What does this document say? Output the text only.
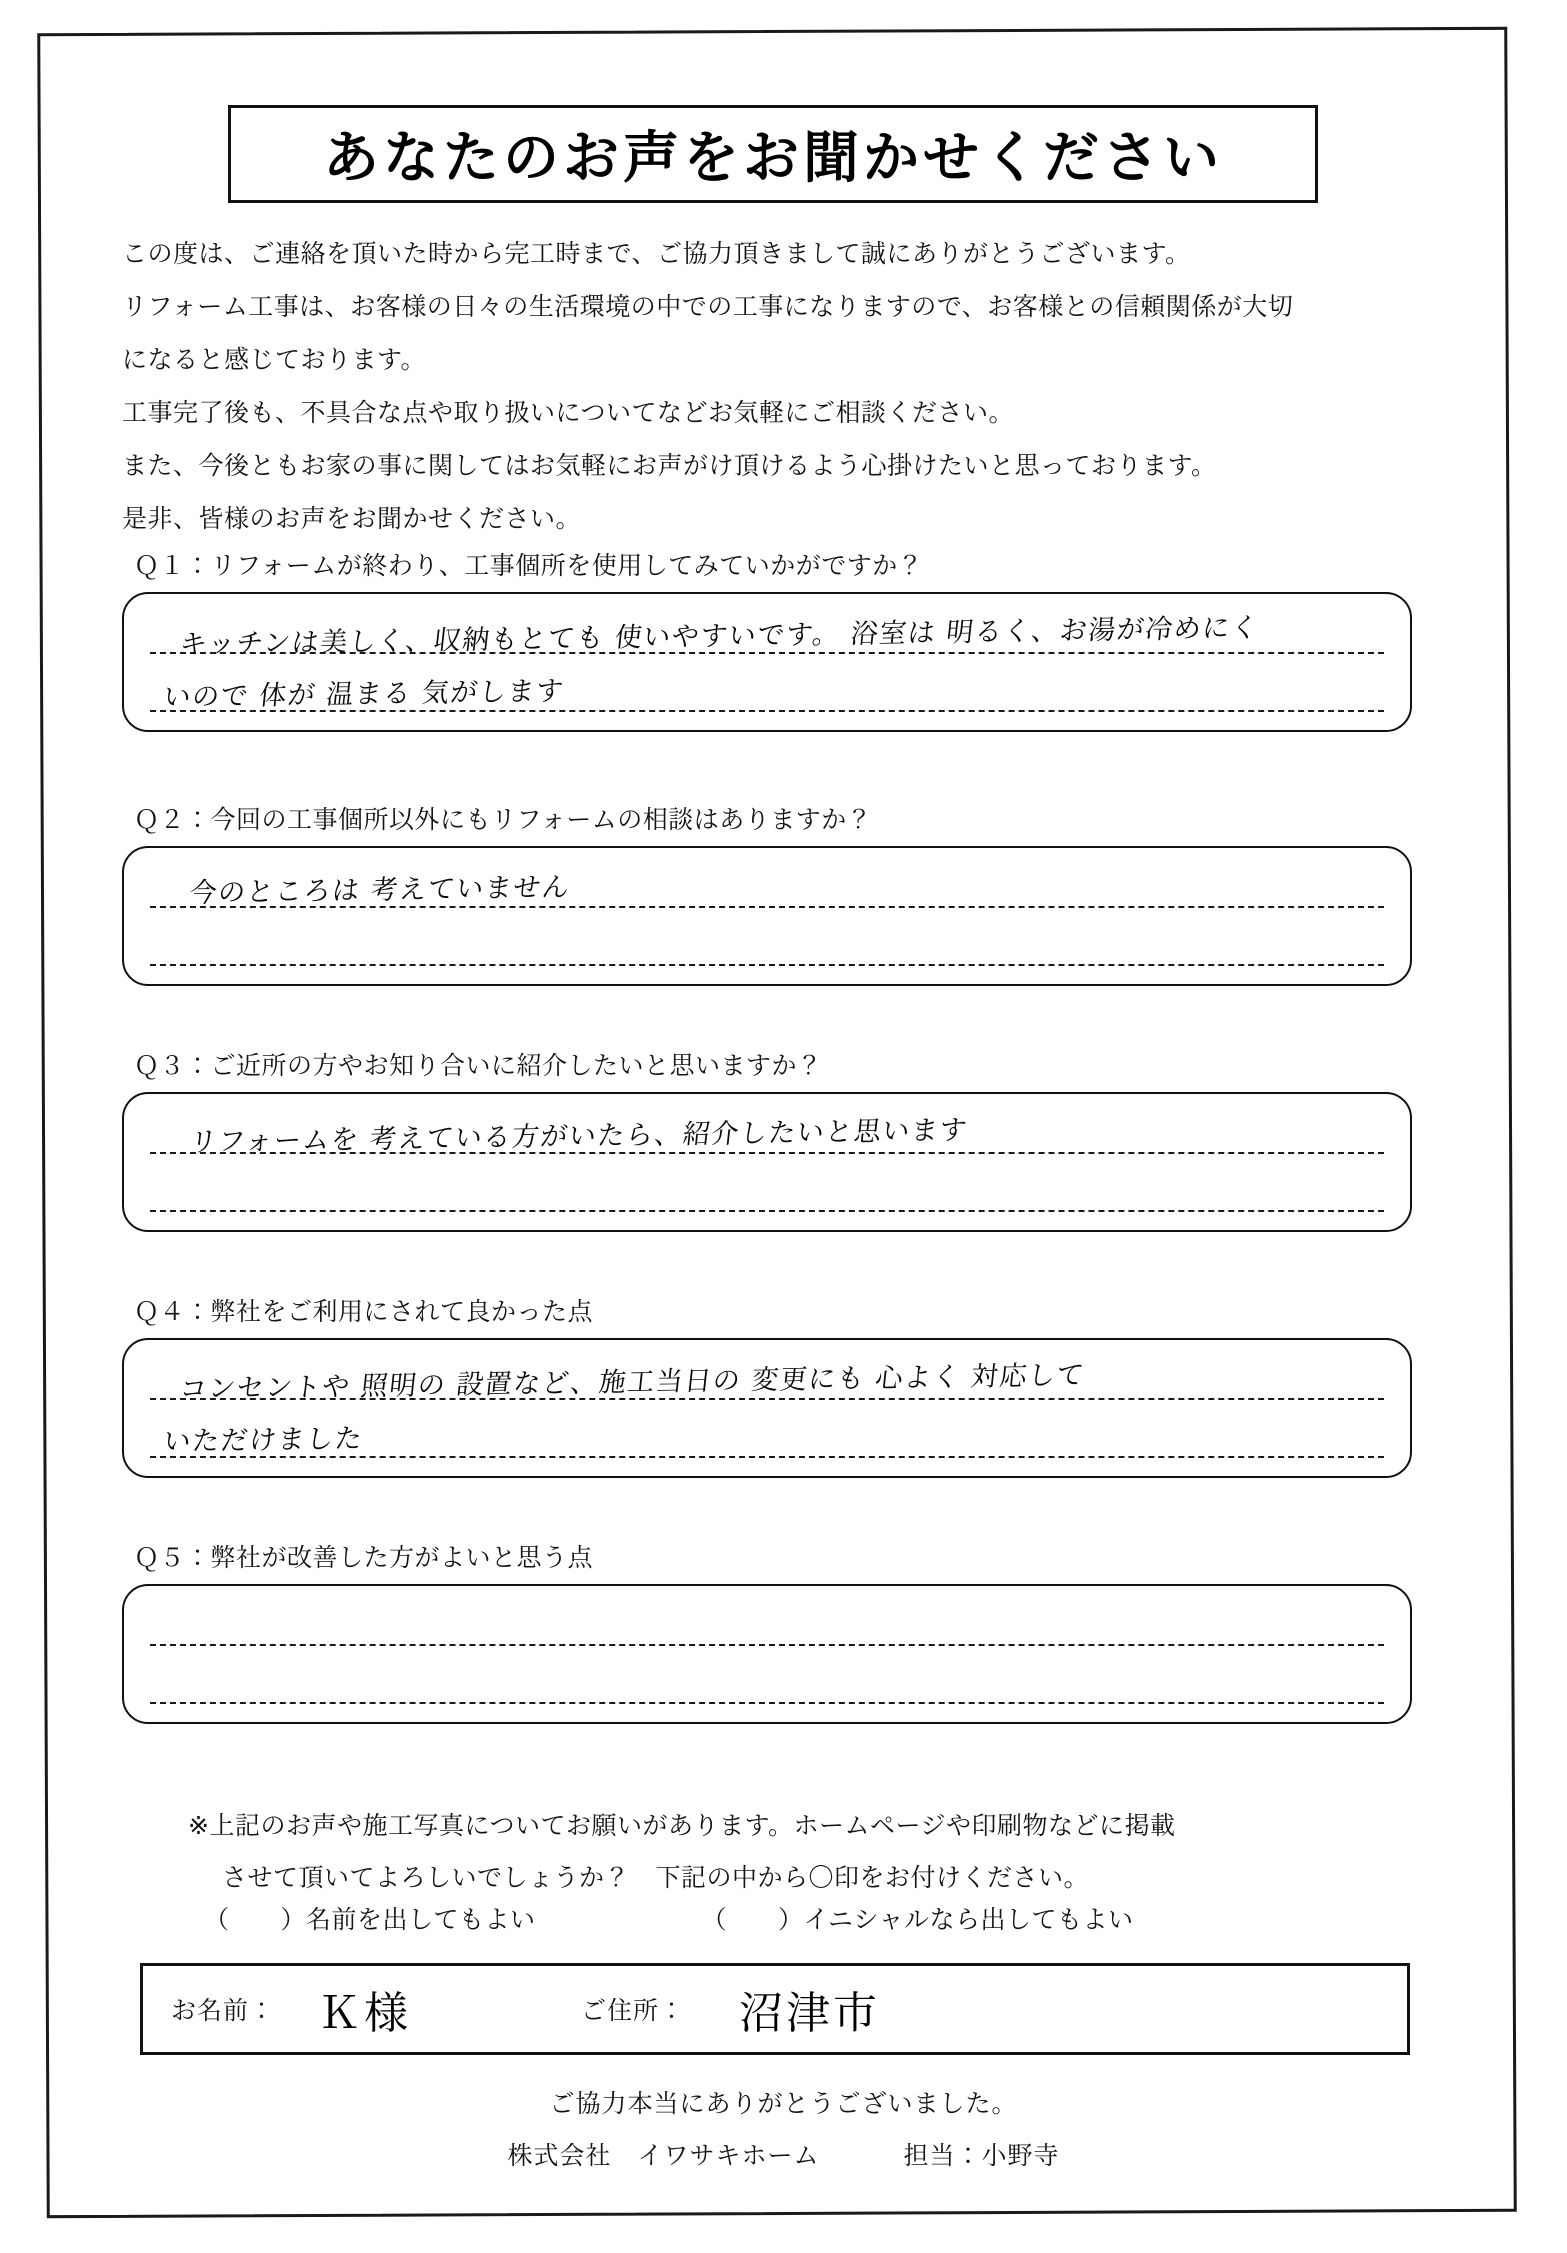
あなたのお声をお聞かせください
この度は、ご連絡を頂いた時から完工時まで、ご協力頂きまして誠にありがとうございます。
リフォーム工事は、お客様の日々の生活環境の中での工事になりますので、お客様との信頼関係が大切
になると感じております。
工事完了後も、不具合な点や取り扱いについてなどお気軽にご相談ください。
また、今後ともお家の事に関してはお気軽にお声がけ頂けるよう心掛けたいと思っております。
是非、皆様のお声をお聞かせください。
Ｑ１：リフォームが終わり、工事個所を使用してみていかがですか？
キッチンは美しく、収納もとても 使いやすいです。 浴室は 明るく、お湯が冷めにく
いので 体が 温まる 気がします
Ｑ２：今回の工事個所以外にもリフォームの相談はありますか？
今のところは 考えていません
Ｑ３：ご近所の方やお知り合いに紹介したいと思いますか？
リフォームを 考えている方がいたら、紹介したいと思います
Ｑ４：弊社をご利用にされて良かった点
コンセントや 照明の 設置など、施工当日の 変更にも 心よく 対応して
いただけました
Ｑ５：弊社が改善した方がよいと思う点
※上記のお声や施工写真についてお願いがあります。ホームページや印刷物などに掲載
させて頂いてよろしいでしょうか？　下記の中から〇印をお付けください。
（　　）名前を出してもよい	（　　）イニシャルなら出してもよい
お名前： Ｋ様	ご住所： 沼津市
ご協力本当にありがとうございました。
株式会社　イワサキホーム	担当：小野寺
